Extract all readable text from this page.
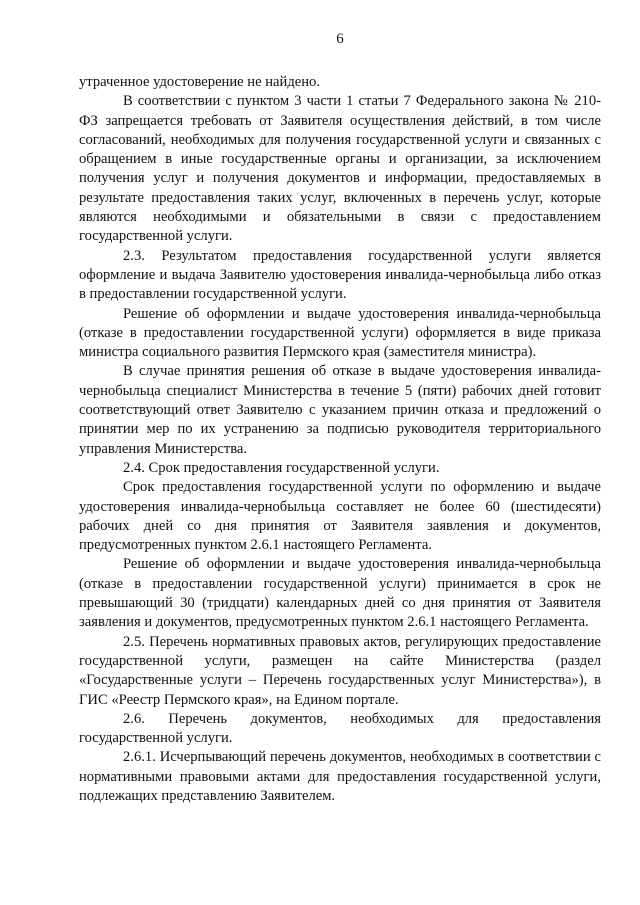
6

утраченное удостоверение не найдено.

В соответствии с пунктом 3 части 1 статьи 7 Федерального закона № 210-ФЗ запрещается требовать от Заявителя осуществления действий, в том числе согласований, необходимых для получения государственной услуги и связанных с обращением в иные государственные органы и организации, за исключением получения услуг и получения документов и информации, предоставляемых в результате предоставления таких услуг, включенных в перечень услуг, которые являются необходимыми и обязательными в связи с предоставлением государственной услуги.

2.3. Результатом предоставления государственной услуги является оформление и выдача Заявителю удостоверения инвалида-чернобыльца либо отказ в предоставлении государственной услуги.

Решение об оформлении и выдаче удостоверения инвалида-чернобыльца (отказе в предоставлении государственной услуги) оформляется в виде приказа министра социального развития Пермского края (заместителя министра).

В случае принятия решения об отказе в выдаче удостоверения инвалида-чернобыльца специалист Министерства в течение 5 (пяти) рабочих дней готовит соответствующий ответ Заявителю с указанием причин отказа и предложений о принятии мер по их устранению за подписью руководителя территориального управления Министерства.

2.4. Срок предоставления государственной услуги.

Срок предоставления государственной услуги по оформлению и выдаче удостоверения инвалида-чернобыльца составляет не более 60 (шестидесяти) рабочих дней со дня принятия от Заявителя заявления и документов, предусмотренных пунктом 2.6.1 настоящего Регламента.

Решение об оформлении и выдаче удостоверения инвалида-чернобыльца (отказе в предоставлении государственной услуги) принимается в срок не превышающий 30 (тридцати) календарных дней со дня принятия от Заявителя заявления и документов, предусмотренных пунктом 2.6.1 настоящего Регламента.

2.5. Перечень нормативных правовых актов, регулирующих предоставление государственной услуги, размещен на сайте Министерства (раздел «Государственные услуги – Перечень государственных услуг Министерства»), в ГИС «Реестр Пермского края», на Едином портале.

2.6. Перечень документов, необходимых для предоставления государственной услуги.

2.6.1. Исчерпывающий перечень документов, необходимых в соответствии с нормативными правовыми актами для предоставления государственной услуги, подлежащих представлению Заявителем.
